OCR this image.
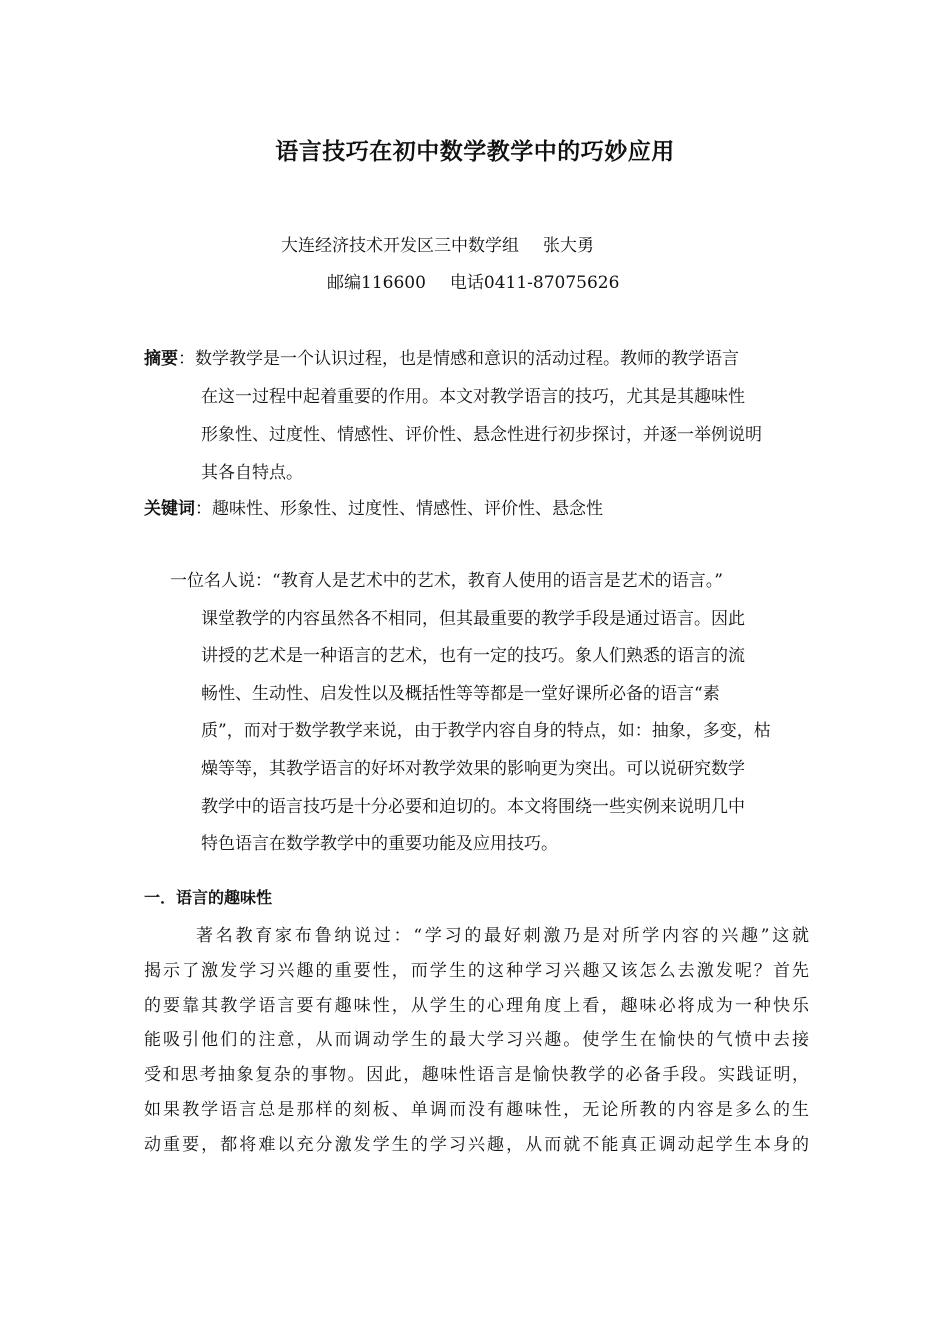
语言技巧在初中数学教学中的巧妙应用
大连经济技术开发区三中数学组 张大勇
邮编116600 电话0411-87075626
摘要：数学教学是一个认识过程，也是情感和意识的活动过程。教师的教学语言
在这一过程中起着重要的作用。本文对教学语言的技巧，尤其是其趣味性
形象性、过度性、情感性、评价性、悬念性进行初步探讨，并逐一举例说明
其各自特点。
关键词：趣味性、形象性、过度性、情感性、评价性、悬念性
一位名人说：“教育人是艺术中的艺术，教育人使用的语言是艺术的语言。”
课堂教学的内容虽然各不相同，但其最重要的教学手段是通过语言。因此
讲授的艺术是一种语言的艺术，也有一定的技巧。象人们熟悉的语言的流
畅性、生动性、启发性以及概括性等等都是一堂好课所必备的语言“素
质”，而对于数学教学来说，由于教学内容自身的特点，如：抽象，多变，枯
燥等等，其教学语言的好坏对教学效果的影响更为突出。可以说研究数学
教学中的语言技巧是十分必要和迫切的。本文将围绕一些实例来说明几中
特色语言在数学教学中的重要功能及应用技巧。
一．语言的趣味性
著名教育家布鲁纳说过：“学习的最好刺激乃是对所学内容的兴趣”这就
揭示了激发学习兴趣的重要性，而学生的这种学习兴趣又该怎么去激发呢？首先
的要靠其教学语言要有趣味性，从学生的心理角度上看，趣味必将成为一种快乐
能吸引他们的注意，从而调动学生的最大学习兴趣。使学生在愉快的气愤中去接
受和思考抽象复杂的事物。因此，趣味性语言是愉快教学的必备手段。实践证明，
如果教学语言总是那样的刻板、单调而没有趣味性，无论所教的内容是多么的生
动重要，都将难以充分激发学生的学习兴趣，从而就不能真正调动起学生本身的
